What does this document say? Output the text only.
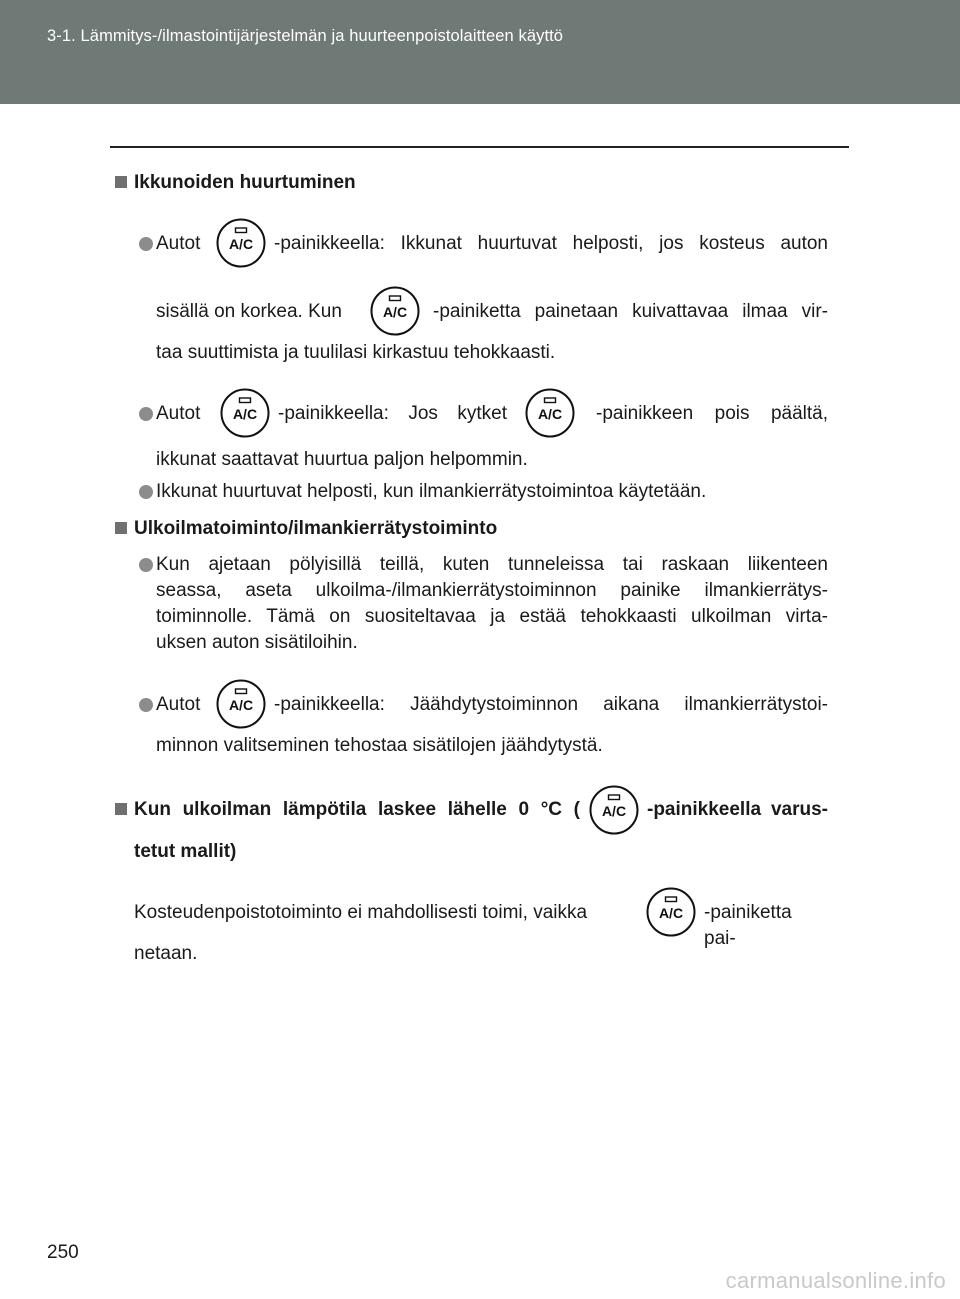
3-1. Lämmitys-/ilmastointijärjestelmän ja huurteenpoistolaitteen käyttö
Ikkunoiden huurtuminen
Autot A/C -painikkeella: Ikkunat huurtuvat helposti, jos kosteus auton
sisällä on korkea. Kun	A/C -painiketta painetaan kuivattavaa ilmaa vir-
taa suuttimista ja tuulilasi kirkastuu tehokkaasti.
Autot A/C -painikkeella: Jos kytket A/C -painikkeen pois päältä,
ikkunat saattavat huurtua paljon helpommin.
Ikkunat huurtuvat helposti, kun ilmankierrätystoimintoa käytetään.
Ulkoilmatoiminto/ilmankierrätystoiminto
Kun ajetaan pölyisillä teillä, kuten tunneleissa tai raskaan liikenteen
seassa, aseta ulkoilma-/ilmankierrätystoiminnon painike ilmankierrätys-
toiminnolle. Tämä on suositeltavaa ja estää tehokkaasti ulkoilman virta-
uksen auton sisätiloihin.
Autot A/C -painikkeella: Jäähdytystoiminnon aikana ilmankierrätystoi-
minnon valitseminen tehostaa sisätilojen jäähdytystä.
Kun ulkoilman lämpötila laskee lähelle 0 °C ( A/C -painikkeella varus-
tetut mallit)
Kosteudenpoistotoiminto ei mahdollisesti toimi, vaikka	A/C -painiketta pai-
netaan.
250
carmanualsonline.info
